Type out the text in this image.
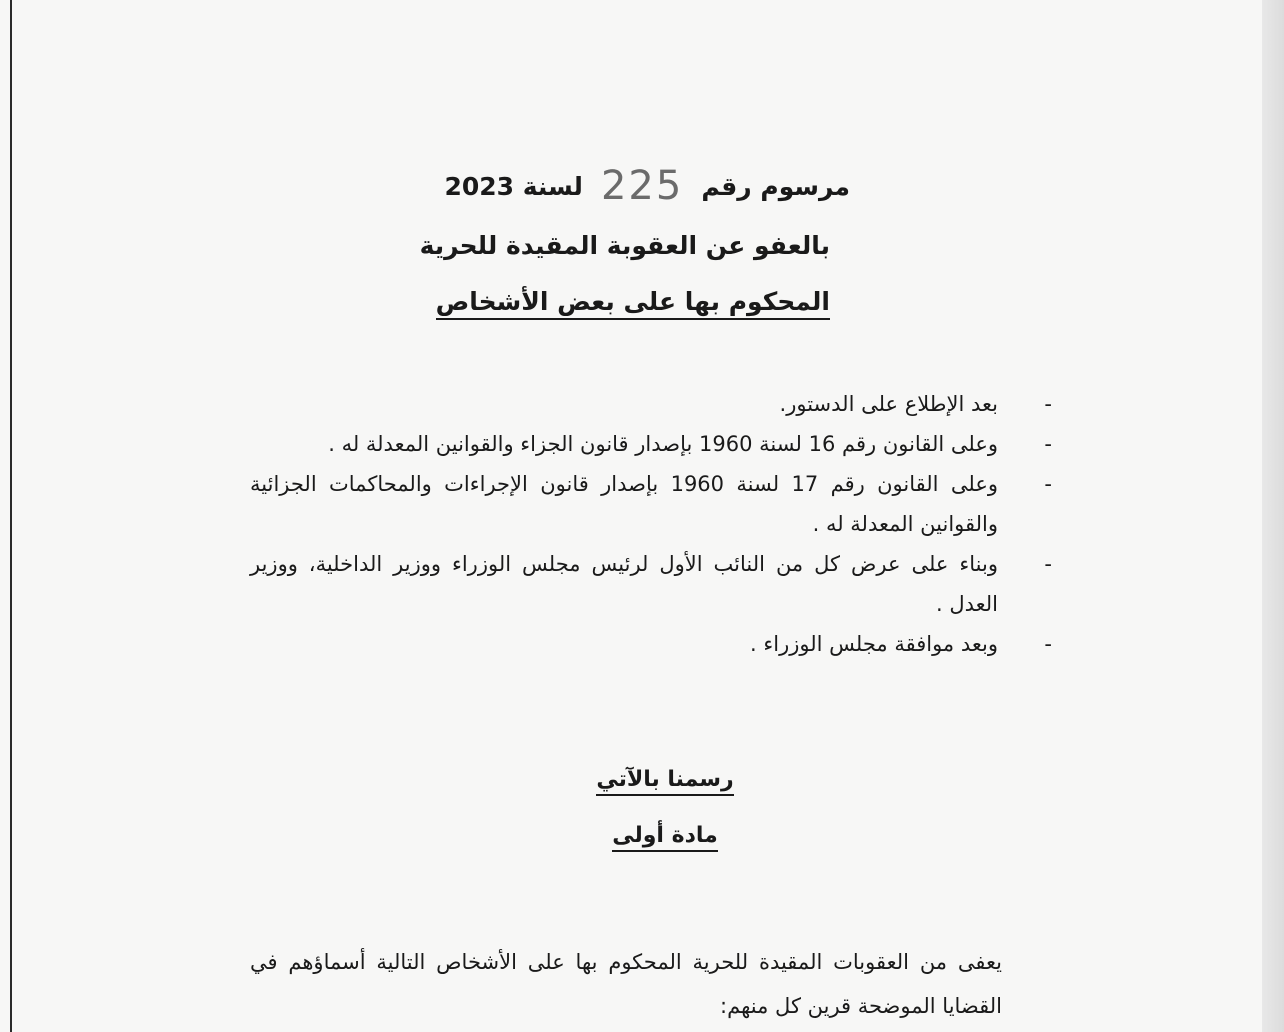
مرسوم رقم225لسنة 2023
بالعفو عن العقوبة المقيدة للحرية
المحكوم بها على بعض الأشخاص
- بعد الإطلاع على الدستور.
- وعلى القانون رقم 16 لسنة 1960 بإصدار قانون الجزاء والقوانين المعدلة له .
- وعلى القانون رقم 17 لسنة 1960 بإصدار قانون الإجراءات والمحاكمات الجزائية والقوانين المعدلة له .
- وبناء على عرض كل من النائب الأول لرئيس مجلس الوزراء ووزير الداخلية، ووزير العدل .
- وبعد موافقة مجلس الوزراء .
رسمنا بالآتي
مادة أولى
يعفى من العقوبات المقيدة للحرية المحكوم بها على الأشخاص التالية أسماؤهم في القضايا الموضحة قرين كل منهم:
